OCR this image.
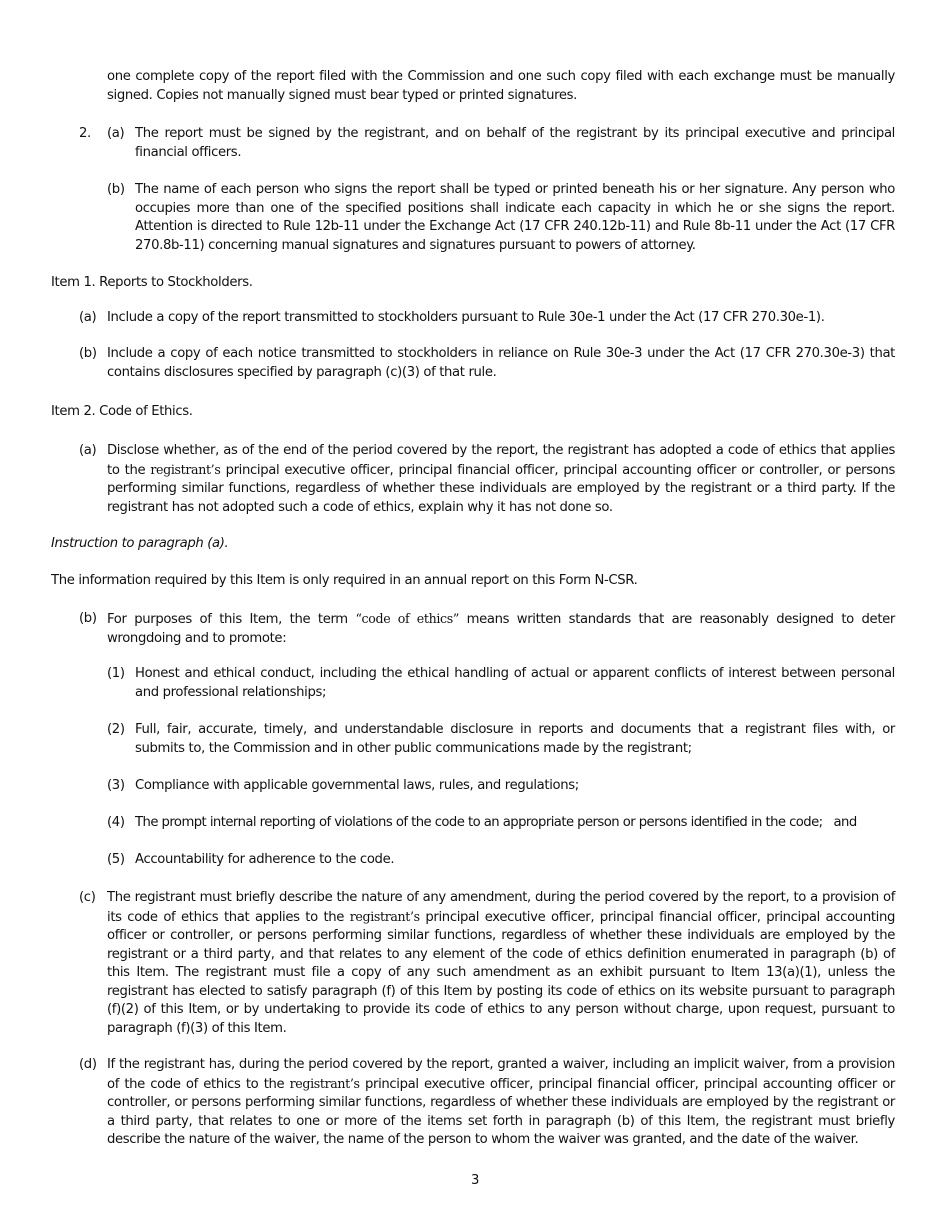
one complete copy of the report filed with the Commission and one such copy filed with each exchange must be manually signed. Copies not manually signed must bear typed or printed signatures.

2. (a) The report must be signed by the registrant, and on behalf of the registrant by its principal executive and principal financial officers.

(b) The name of each person who signs the report shall be typed or printed beneath his or her signature. Any person who occupies more than one of the specified positions shall indicate each capacity in which he or she signs the report. Attention is directed to Rule 12b-11 under the Exchange Act (17 CFR 240.12b-11) and Rule 8b-11 under the Act (17 CFR 270.8b-11) concerning manual signatures and signatures pursuant to powers of attorney.

Item 1. Reports to Stockholders.

(a) Include a copy of the report transmitted to stockholders pursuant to Rule 30e-1 under the Act (17 CFR 270.30e-1).

(b) Include a copy of each notice transmitted to stockholders in reliance on Rule 30e-3 under the Act (17 CFR 270.30e-3) that contains disclosures specified by paragraph (c)(3) of that rule.

Item 2. Code of Ethics.

(a) Disclose whether, as of the end of the period covered by the report, the registrant has adopted a code of ethics that applies to the registrant’s principal executive officer, principal financial officer, principal accounting officer or controller, or persons performing similar functions, regardless of whether these individuals are employed by the registrant or a third party. If the registrant has not adopted such a code of ethics, explain why it has not done so.

Instruction to paragraph (a).

The information required by this Item is only required in an annual report on this Form N-CSR.

(b) For purposes of this Item, the term “code of ethics” means written standards that are reasonably designed to deter wrongdoing and to promote:

(1) Honest and ethical conduct, including the ethical handling of actual or apparent conflicts of interest between personal and professional relationships;

(2) Full, fair, accurate, timely, and understandable disclosure in reports and documents that a registrant files with, or submits to, the Commission and in other public communications made by the registrant;

(3) Compliance with applicable governmental laws, rules, and regulations;

(4) The prompt internal reporting of violations of the code to an appropriate person or persons identified in the code;   and

(5) Accountability for adherence to the code.

(c) The registrant must briefly describe the nature of any amendment, during the period covered by the report, to a provision of its code of ethics that applies to the registrant’s principal executive officer, principal financial officer, principal accounting officer or controller, or persons performing similar functions, regardless of whether these individuals are employed by the registrant or a third party, and that relates to any element of the code of ethics definition enumerated in paragraph (b) of this Item. The registrant must file a copy of any such amendment as an exhibit pursuant to Item 13(a)(1), unless the registrant has elected to satisfy paragraph (f) of this Item by posting its code of ethics on its website pursuant to paragraph (f)(2) of this Item, or by undertaking to provide its code of ethics to any person without charge, upon request, pursuant to paragraph (f)(3) of this Item.

(d) If the registrant has, during the period covered by the report, granted a waiver, including an implicit waiver, from a provision of the code of ethics to the registrant’s principal executive officer, principal financial officer, principal accounting officer or controller, or persons performing similar functions, regardless of whether these individuals are employed by the registrant or a third party, that relates to one or more of the items set forth in paragraph (b) of this Item, the registrant must briefly describe the nature of the waiver, the name of the person to whom the waiver was granted, and the date of the waiver.

3
